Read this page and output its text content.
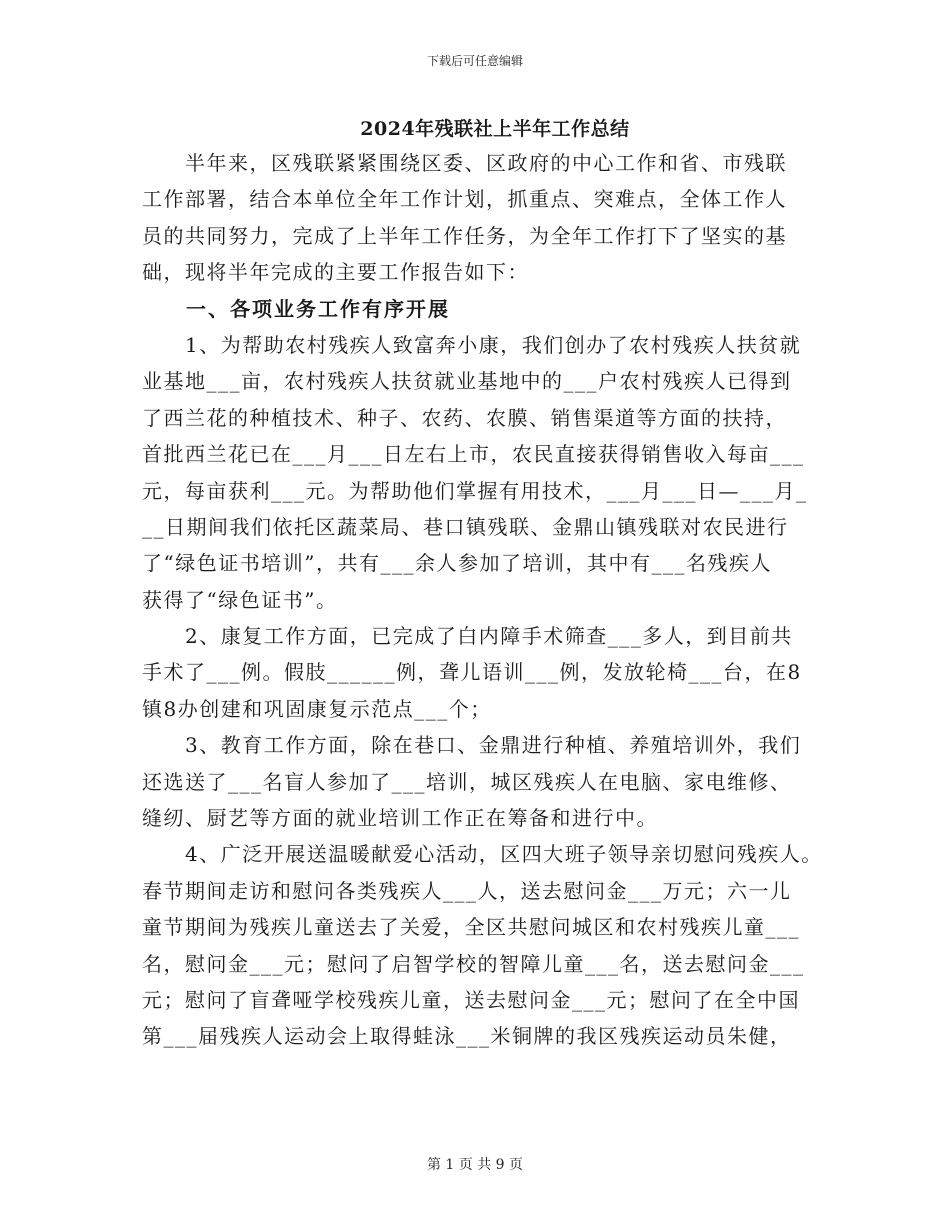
下载后可任意编辑
2024年残联社上半年工作总结
　　半年来，区残联紧紧围绕区委、区政府的中心工作和省、市残联
工作部署，结合本单位全年工作计划，抓重点、突难点，全体工作人
员的共同努力，完成了上半年工作任务，为全年工作打下了坚实的基
础，现将半年完成的主要工作报告如下：
　　一、各项业务工作有序开展
　　1、为帮助农村残疾人致富奔小康，我们创办了农村残疾人扶贫就
业基地___亩，农村残疾人扶贫就业基地中的___户农村残疾人已得到
了西兰花的种植技术、种子、农药、农膜、销售渠道等方面的扶持，
首批西兰花已在___月___日左右上市，农民直接获得销售收入每亩___
元，每亩获利___元。为帮助他们掌握有用技术，___月___日—___月_
__日期间我们依托区蔬菜局、巷口镇残联、金鼎山镇残联对农民进行
了“绿色证书培训”，共有___余人参加了培训，其中有___名残疾人
获得了“绿色证书”。
　　2、康复工作方面，已完成了白内障手术筛查___多人，到目前共
手术了___例。假肢______例，聋儿语训___例，发放轮椅___台，在8
镇8办创建和巩固康复示范点___个；
　　3、教育工作方面，除在巷口、金鼎进行种植、养殖培训外，我们
还选送了___名盲人参加了___培训，城区残疾人在电脑、家电维修、
缝纫、厨艺等方面的就业培训工作正在筹备和进行中。
　　4、广泛开展送温暖献爱心活动，区四大班子领导亲切慰问残疾人。
春节期间走访和慰问各类残疾人___人，送去慰问金___万元；六一儿
童节期间为残疾儿童送去了关爱，全区共慰问城区和农村残疾儿童___
名，慰问金___元；慰问了启智学校的智障儿童___名，送去慰问金___
元；慰问了盲聋哑学校残疾儿童，送去慰问金___元；慰问了在全中国
第___届残疾人运动会上取得蛙泳___米铜牌的我区残疾运动员朱健，
第 1 页 共 9 页
